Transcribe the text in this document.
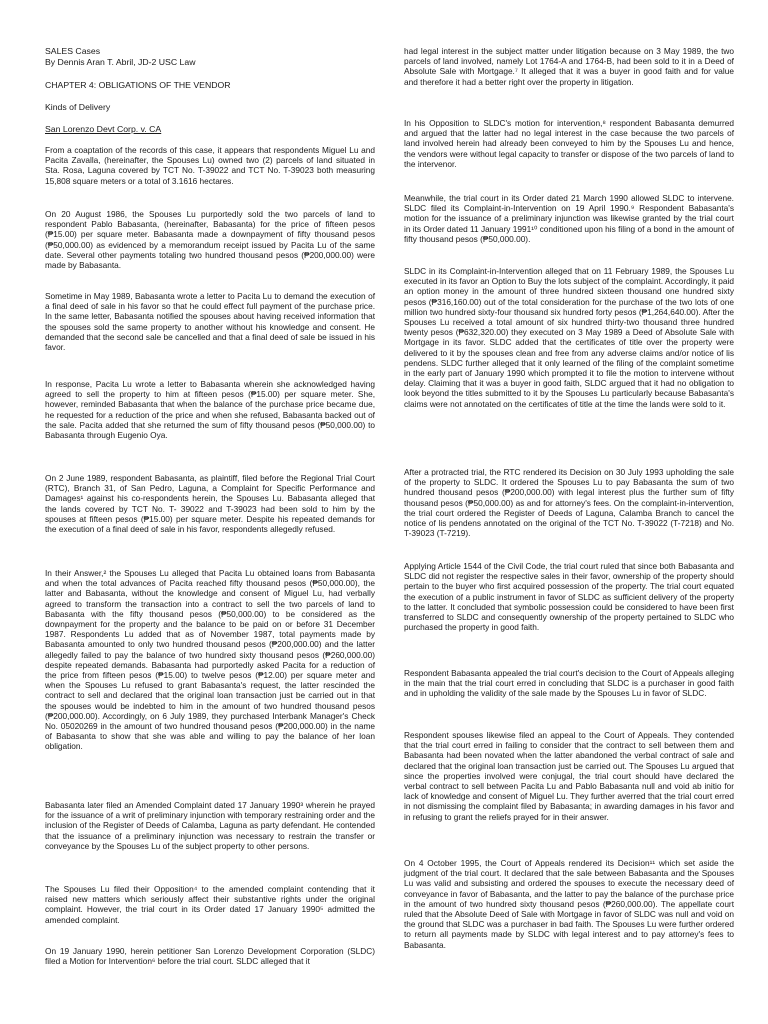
SALES Cases
By Dennis Aran T. Abril, JD-2 USC Law
CHAPTER 4: OBLIGATIONS OF THE VENDOR
Kinds of Delivery
San Lorenzo Devt Corp. v. CA
From a coaptation of the records of this case, it appears that respondents Miguel Lu and Pacita Zavalla, (hereinafter, the Spouses Lu) owned two (2) parcels of land situated in Sta. Rosa, Laguna covered by TCT No. T-39022 and TCT No. T-39023 both measuring 15,808 square meters or a total of 3.1616 hectares.
On 20 August 1986, the Spouses Lu purportedly sold the two parcels of land to respondent Pablo Babasanta, (hereinafter, Babasanta) for the price of fifteen pesos (₱15.00) per square meter. Babasanta made a downpayment of fifty thousand pesos (₱50,000.00) as evidenced by a memorandum receipt issued by Pacita Lu of the same date. Several other payments totaling two hundred thousand pesos (₱200,000.00) were made by Babasanta.
Sometime in May 1989, Babasanta wrote a letter to Pacita Lu to demand the execution of a final deed of sale in his favor so that he could effect full payment of the purchase price. In the same letter, Babasanta notified the spouses about having received information that the spouses sold the same property to another without his knowledge and consent. He demanded that the second sale be cancelled and that a final deed of sale be issued in his favor.
In response, Pacita Lu wrote a letter to Babasanta wherein she acknowledged having agreed to sell the property to him at fifteen pesos (₱15.00) per square meter. She, however, reminded Babasanta that when the balance of the purchase price became due, he requested for a reduction of the price and when she refused, Babasanta backed out of the sale. Pacita added that she returned the sum of fifty thousand pesos (₱50,000.00) to Babasanta through Eugenio Oya.
On 2 June 1989, respondent Babasanta, as plaintiff, filed before the Regional Trial Court (RTC), Branch 31, of San Pedro, Laguna, a Complaint for Specific Performance and Damages¹ against his co-respondents herein, the Spouses Lu. Babasanta alleged that the lands covered by TCT No. T- 39022 and T-39023 had been sold to him by the spouses at fifteen pesos (₱15.00) per square meter. Despite his repeated demands for the execution of a final deed of sale in his favor, respondents allegedly refused.
In their Answer,² the Spouses Lu alleged that Pacita Lu obtained loans from Babasanta and when the total advances of Pacita reached fifty thousand pesos (₱50,000.00), the latter and Babasanta, without the knowledge and consent of Miguel Lu, had verbally agreed to transform the transaction into a contract to sell the two parcels of land to Babasanta with the fifty thousand pesos (₱50,000.00) to be considered as the downpayment for the property and the balance to be paid on or before 31 December 1987. Respondents Lu added that as of November 1987, total payments made by Babasanta amounted to only two hundred thousand pesos (₱200,000.00) and the latter allegedly failed to pay the balance of two hundred sixty thousand pesos (₱260,000.00) despite repeated demands. Babasanta had purportedly asked Pacita for a reduction of the price from fifteen pesos (₱15.00) to twelve pesos (₱12.00) per square meter and when the Spouses Lu refused to grant Babasanta's request, the latter rescinded the contract to sell and declared that the original loan transaction just be carried out in that the spouses would be indebted to him in the amount of two hundred thousand pesos (₱200,000.00). Accordingly, on 6 July 1989, they purchased Interbank Manager's Check No. 05020269 in the amount of two hundred thousand pesos (₱200,000.00) in the name of Babasanta to show that she was able and willing to pay the balance of her loan obligation.
Babasanta later filed an Amended Complaint dated 17 January 1990³ wherein he prayed for the issuance of a writ of preliminary injunction with temporary restraining order and the inclusion of the Register of Deeds of Calamba, Laguna as party defendant. He contended that the issuance of a preliminary injunction was necessary to restrain the transfer or conveyance by the Spouses Lu of the subject property to other persons.
The Spouses Lu filed their Opposition⁴ to the amended complaint contending that it raised new matters which seriously affect their substantive rights under the original complaint. However, the trial court in its Order dated 17 January 1990⁵ admitted the amended complaint.
On 19 January 1990, herein petitioner San Lorenzo Development Corporation (SLDC) filed a Motion for Intervention⁶ before the trial court. SLDC alleged that it
had legal interest in the subject matter under litigation because on 3 May 1989, the two parcels of land involved, namely Lot 1764-A and 1764-B, had been sold to it in a Deed of Absolute Sale with Mortgage.⁷ It alleged that it was a buyer in good faith and for value and therefore it had a better right over the property in litigation.
In his Opposition to SLDC's motion for intervention,⁸ respondent Babasanta demurred and argued that the latter had no legal interest in the case because the two parcels of land involved herein had already been conveyed to him by the Spouses Lu and hence, the vendors were without legal capacity to transfer or dispose of the two parcels of land to the intervenor.
Meanwhile, the trial court in its Order dated 21 March 1990 allowed SLDC to intervene. SLDC filed its Complaint-in-Intervention on 19 April 1990.⁹ Respondent Babasanta's motion for the issuance of a preliminary injunction was likewise granted by the trial court in its Order dated 11 January 1991¹⁰ conditioned upon his filing of a bond in the amount of fifty thousand pesos (₱50,000.00).
SLDC in its Complaint-in-Intervention alleged that on 11 February 1989, the Spouses Lu executed in its favor an Option to Buy the lots subject of the complaint. Accordingly, it paid an option money in the amount of three hundred sixteen thousand one hundred sixty pesos (₱316,160.00) out of the total consideration for the purchase of the two lots of one million two hundred sixty-four thousand six hundred forty pesos (₱1,264,640.00). After the Spouses Lu received a total amount of six hundred thirty-two thousand three hundred twenty pesos (₱632,320.00) they executed on 3 May 1989 a Deed of Absolute Sale with Mortgage in its favor. SLDC added that the certificates of title over the property were delivered to it by the spouses clean and free from any adverse claims and/or notice of lis pendens. SLDC further alleged that it only learned of the filing of the complaint sometime in the early part of January 1990 which prompted it to file the motion to intervene without delay. Claiming that it was a buyer in good faith, SLDC argued that it had no obligation to look beyond the titles submitted to it by the Spouses Lu particularly because Babasanta's claims were not annotated on the certificates of title at the time the lands were sold to it.
After a protracted trial, the RTC rendered its Decision on 30 July 1993 upholding the sale of the property to SLDC. It ordered the Spouses Lu to pay Babasanta the sum of two hundred thousand pesos (₱200,000.00) with legal interest plus the further sum of fifty thousand pesos (₱50,000.00) as and for attorney's fees. On the complaint-in-intervention, the trial court ordered the Register of Deeds of Laguna, Calamba Branch to cancel the notice of lis pendens annotated on the original of the TCT No. T-39022 (T-7218) and No. T-39023 (T-7219).
Applying Article 1544 of the Civil Code, the trial court ruled that since both Babasanta and SLDC did not register the respective sales in their favor, ownership of the property should pertain to the buyer who first acquired possession of the property. The trial court equated the execution of a public instrument in favor of SLDC as sufficient delivery of the property to the latter. It concluded that symbolic possession could be considered to have been first transferred to SLDC and consequently ownership of the property pertained to SLDC who purchased the property in good faith.
Respondent Babasanta appealed the trial court's decision to the Court of Appeals alleging in the main that the trial court erred in concluding that SLDC is a purchaser in good faith and in upholding the validity of the sale made by the Spouses Lu in favor of SLDC.
Respondent spouses likewise filed an appeal to the Court of Appeals. They contended that the trial court erred in failing to consider that the contract to sell between them and Babasanta had been novated when the latter abandoned the verbal contract of sale and declared that the original loan transaction just be carried out. The Spouses Lu argued that since the properties involved were conjugal, the trial court should have declared the verbal contract to sell between Pacita Lu and Pablo Babasanta null and void ab initio for lack of knowledge and consent of Miguel Lu. They further averred that the trial court erred in not dismissing the complaint filed by Babasanta; in awarding damages in his favor and in refusing to grant the reliefs prayed for in their answer.
On 4 October 1995, the Court of Appeals rendered its Decision¹¹ which set aside the judgment of the trial court. It declared that the sale between Babasanta and the Spouses Lu was valid and subsisting and ordered the spouses to execute the necessary deed of conveyance in favor of Babasanta, and the latter to pay the balance of the purchase price in the amount of two hundred sixty thousand pesos (₱260,000.00). The appellate court ruled that the Absolute Deed of Sale with Mortgage in favor of SLDC was null and void on the ground that SLDC was a purchaser in bad faith. The Spouses Lu were further ordered to return all payments made by SLDC with legal interest and to pay attorney's fees to Babasanta.
